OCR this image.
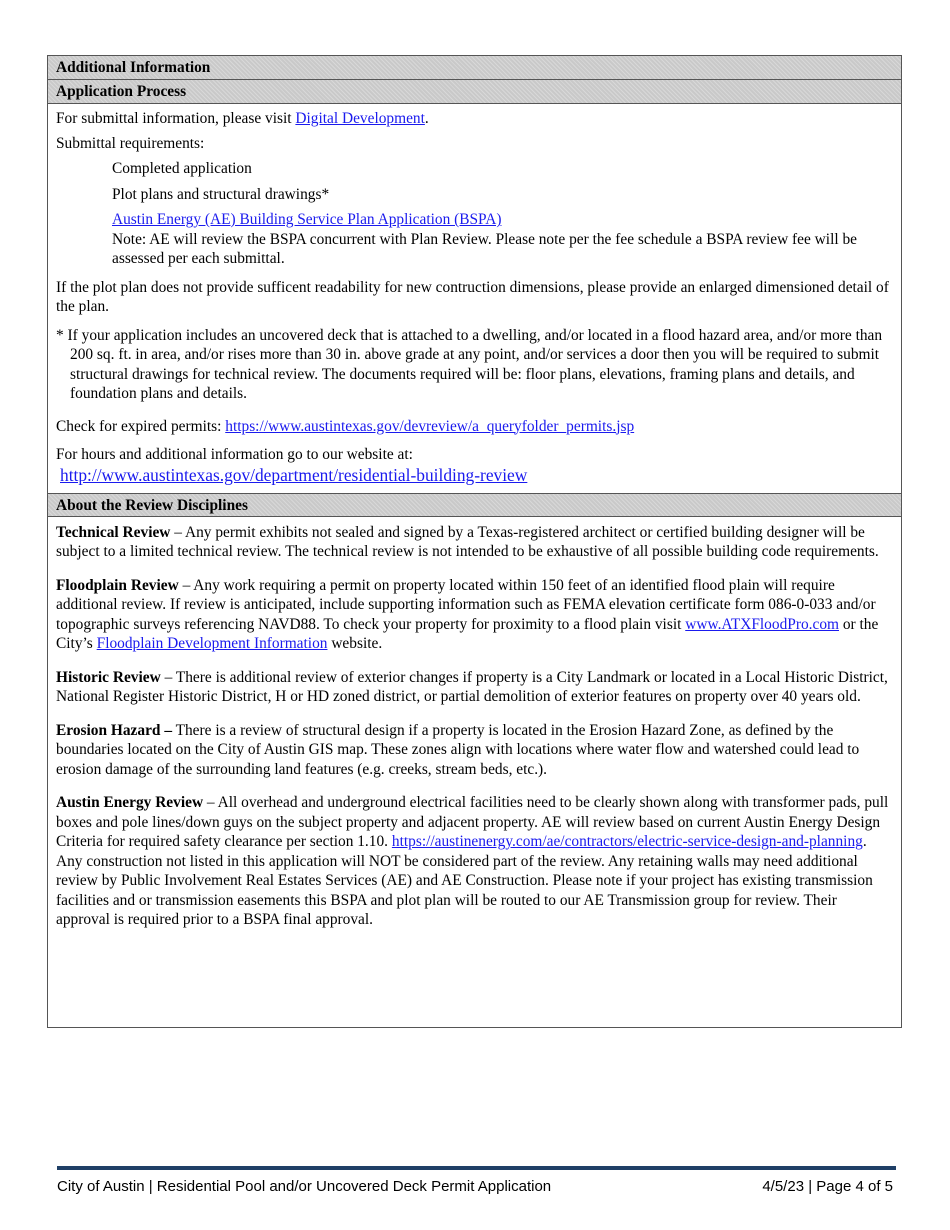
Additional Information
Application Process

For submittal information, please visit Digital Development.

Submittal requirements:

Completed application

Plot plans and structural drawings*

Austin Energy (AE) Building Service Plan Application (BSPA)
Note: AE will review the BSPA concurrent with Plan Review. Please note per the fee schedule a BSPA review fee will be assessed per each submittal.

If the plot plan does not provide sufficent readability for new contruction dimensions, please provide an enlarged dimensioned detail of the plan.

* If your application includes an uncovered deck that is attached to a dwelling, and/or located in a flood hazard area, and/or more than 200 sq. ft. in area, and/or rises more than 30 in. above grade at any point, and/or services a door then you will be required to submit structural drawings for technical review. The documents required will be: floor plans, elevations, framing plans and details, and foundation plans and details.

Check for expired permits: https://www.austintexas.gov/devreview/a_queryfolder_permits.jsp

For hours and additional information go to our website at:

http://www.austintexas.gov/department/residential-building-review

About the Review Disciplines

Technical Review – Any permit exhibits not sealed and signed by a Texas-registered architect or certified building designer will be subject to a limited technical review. The technical review is not intended to be exhaustive of all possible building code requirements.

Floodplain Review – Any work requiring a permit on property located within 150 feet of an identified flood plain will require additional review. If review is anticipated, include supporting information such as FEMA elevation certificate form 086-0-033 and/or topographic surveys referencing NAVD88. To check your property for proximity to a flood plain visit www.ATXFloodPro.com or the City’s Floodplain Development Information website.

Historic Review – There is additional review of exterior changes if property is a City Landmark or located in a Local Historic District, National Register Historic District, H or HD zoned district, or partial demolition of exterior features on property over 40 years old.

Erosion Hazard – There is a review of structural design if a property is located in the Erosion Hazard Zone, as defined by the boundaries located on the City of Austin GIS map. These zones align with locations where water flow and watershed could lead to erosion damage of the surrounding land features (e.g. creeks, stream beds, etc.).

Austin Energy Review – All overhead and underground electrical facilities need to be clearly shown along with transformer pads, pull boxes and pole lines/down guys on the subject property and adjacent property. AE will review based on current Austin Energy Design Criteria for required safety clearance per section 1.10. https://austinenergy.com/ae/contractors/electric-service-design-and-planning. Any construction not listed in this application will NOT be considered part of the review. Any retaining walls may need additional review by Public Involvement Real Estates Services (AE) and AE Construction. Please note if your project has existing transmission facilities and or transmission easements this BSPA and plot plan will be routed to our AE Transmission group for review. Their approval is required prior to a BSPA final approval.

City of Austin | Residential Pool and/or Uncovered Deck Permit Application	4/5/23 | Page 4 of 5
